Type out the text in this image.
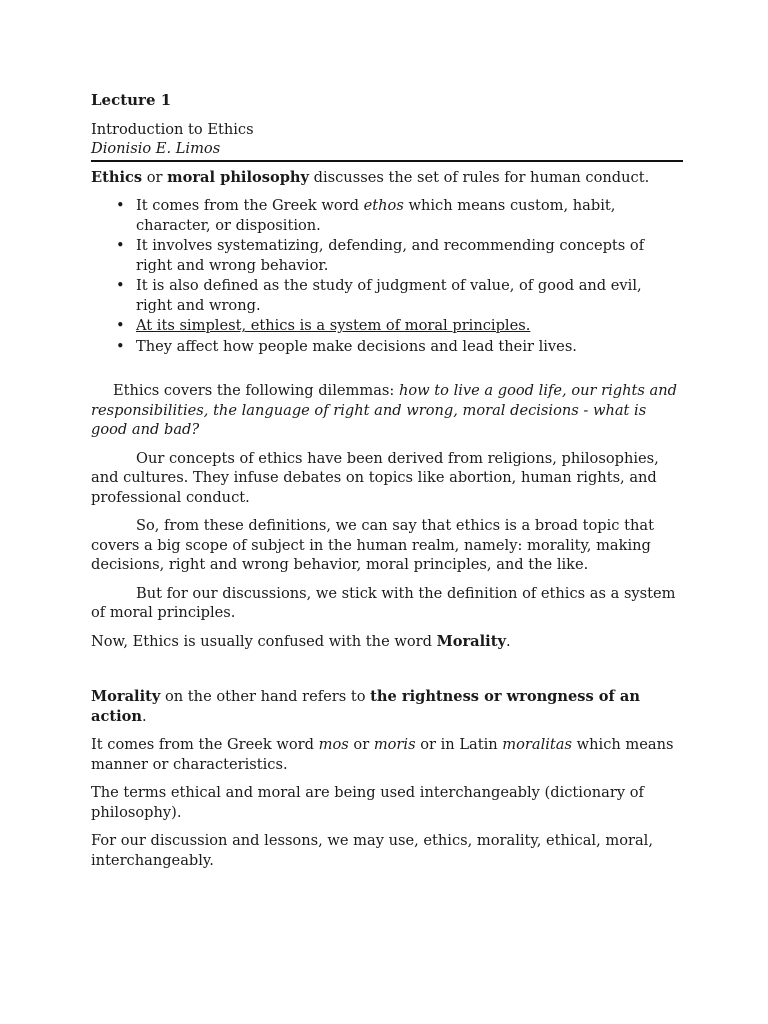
Lecture 1

Introduction to Ethics

Dionisio E. Limos

Ethics or moral philosophy discusses the set of rules for human conduct.

• It comes from the Greek word ethos which means custom, habit, character, or disposition.
• It involves systematizing, defending, and recommending concepts of right and wrong behavior.
• It is also defined as the study of judgment of value, of good and evil, right and wrong.
• At its simplest, ethics is a system of moral principles.
• They affect how people make decisions and lead their lives.

Ethics covers the following dilemmas: how to live a good life, our rights and responsibilities, the language of right and wrong, moral decisions - what is good and bad?

Our concepts of ethics have been derived from religions, philosophies, and cultures. They infuse debates on topics like abortion, human rights, and professional conduct.

So, from these definitions, we can say that ethics is a broad topic that covers a big scope of subject in the human realm, namely: morality, making decisions, right and wrong behavior, moral principles, and the like.

But for our discussions, we stick with the definition of ethics as a system of moral principles.

Now, Ethics is usually confused with the word Morality.

Morality on the other hand refers to the rightness or wrongness of an action.

It comes from the Greek word mos or moris or in Latin moralitas which means manner or characteristics.

The terms ethical and moral are being used interchangeably (dictionary of philosophy).

For our discussion and lessons, we may use, ethics, morality, ethical, moral, interchangeably.
